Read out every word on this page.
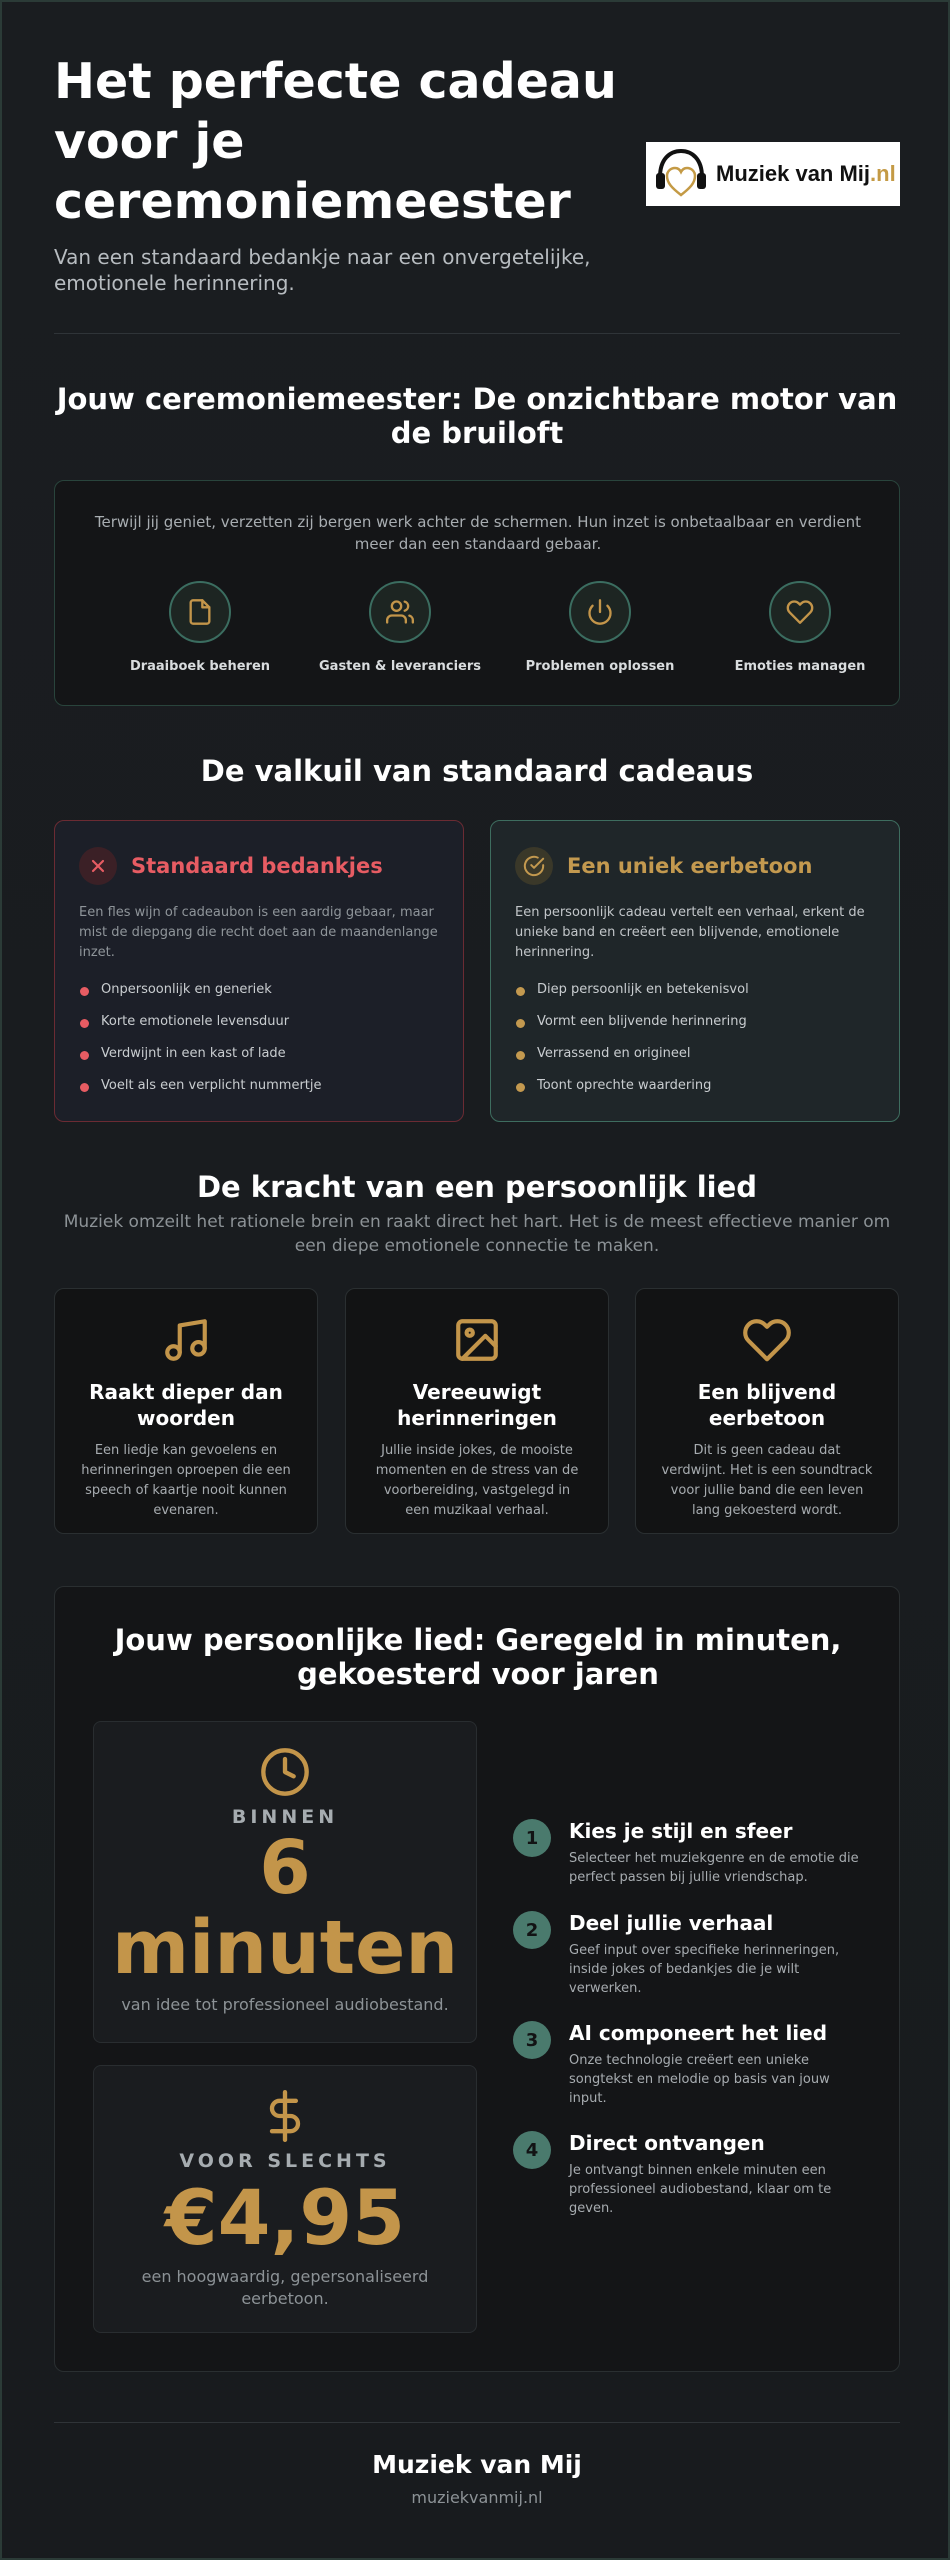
Het perfecte cadeau voor je ceremoniemeester

Van een standaard bedankje naar een onvergetelijke, emotionele herinnering.

Muziek van Mij.nl
Jouw ceremoniemeester: De onzichtbare motor van de bruiloft

Terwijl jij geniet, verzetten zij bergen werk achter de schermen. Hun inzet is onbetaalbaar en verdient meer dan een standaard gebaar.

Draaiboek beheren	Gasten & leveranciers	Problemen oplossen	Emoties managen
De valkuil van standaard cadeaus
Standaard bedankjes

Een fles wijn of cadeaubon is een aardig gebaar, maar mist de diepgang die recht doet aan de maandenlange inzet.

Onpersoonlijk en generiek
Korte emotionele levensduur
Verdwijnt in een kast of lade
Voelt als een verplicht nummertje
Een uniek eerbetoon

Een persoonlijk cadeau vertelt een verhaal, erkent de unieke band en creëert een blijvende, emotionele herinnering.

Diep persoonlijk en betekenisvol
Vormt een blijvende herinnering
Verrassend en origineel
Toont oprechte waardering
De kracht van een persoonlijk lied

Muziek omzeilt het rationele brein en raakt direct het hart. Het is de meest effectieve manier om een diepe emotionele connectie te maken.

Raakt dieper dan woorden
Een liedje kan gevoelens en herinneringen oproepen die een speech of kaartje nooit kunnen evenaren.
Vereeuwigt herinneringen
Jullie inside jokes, de mooiste momenten en de stress van de voorbereiding, vastgelegd in een muzikaal verhaal.
Een blijvend eerbetoon
Dit is geen cadeau dat verdwijnt. Het is een soundtrack voor jullie band die een leven lang gekoesterd wordt.
Jouw persoonlijke lied: Geregeld in minuten, gekoesterd voor jaren
BINNEN
6 minuten
van idee tot professioneel audiobestand.
VOOR SLECHTS
€4,95
een hoogwaardig, gepersonaliseerd eerbetoon.
1	Kies je stijl en sfeer
Selecteer het muziekgenre en de emotie die perfect passen bij jullie vriendschap.
2	Deel jullie verhaal
Geef input over specifieke herinneringen, inside jokes of bedankjes die je wilt verwerken.
3	AI componeert het lied
Onze technologie creëert een unieke songtekst en melodie op basis van jouw input.
4	Direct ontvangen
Je ontvangt binnen enkele minuten een professioneel audiobestand, klaar om te geven.
Muziek van Mij
muziekvanmij.nl
